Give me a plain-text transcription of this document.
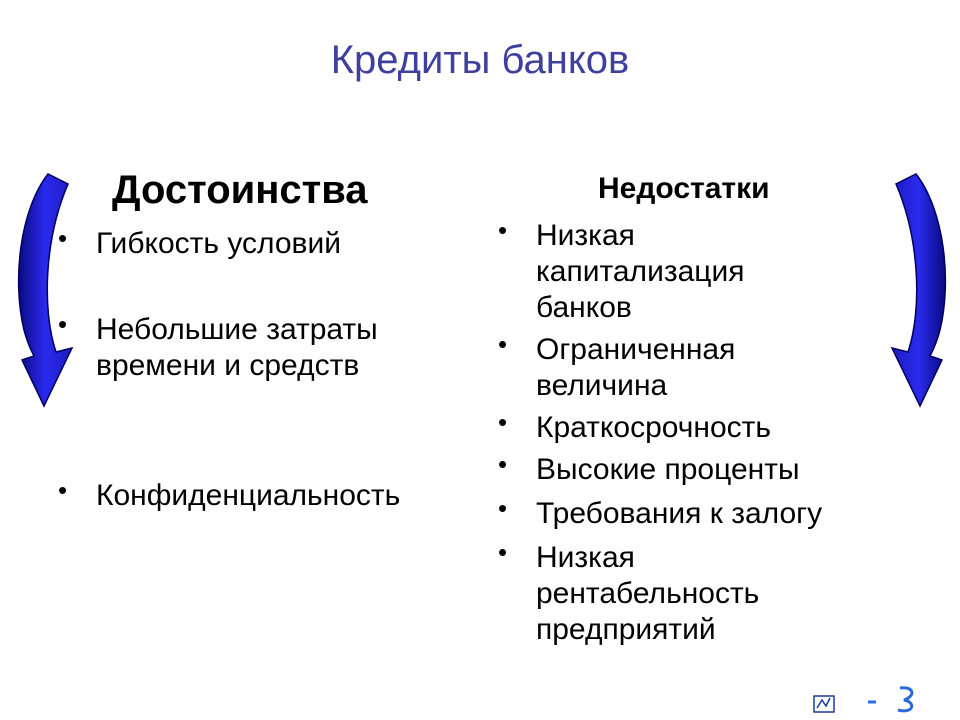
Кредиты банков
Достоинства
• Гибкость условий
• Небольшие затраты времени и средств
• Конфиденциальность
Недостатки
• Низкая капитализация банков
• Ограниченная величина
• Краткосрочность
• Высокие проценты
• Требования к залогу
• Низкая рентабельность предприятий
